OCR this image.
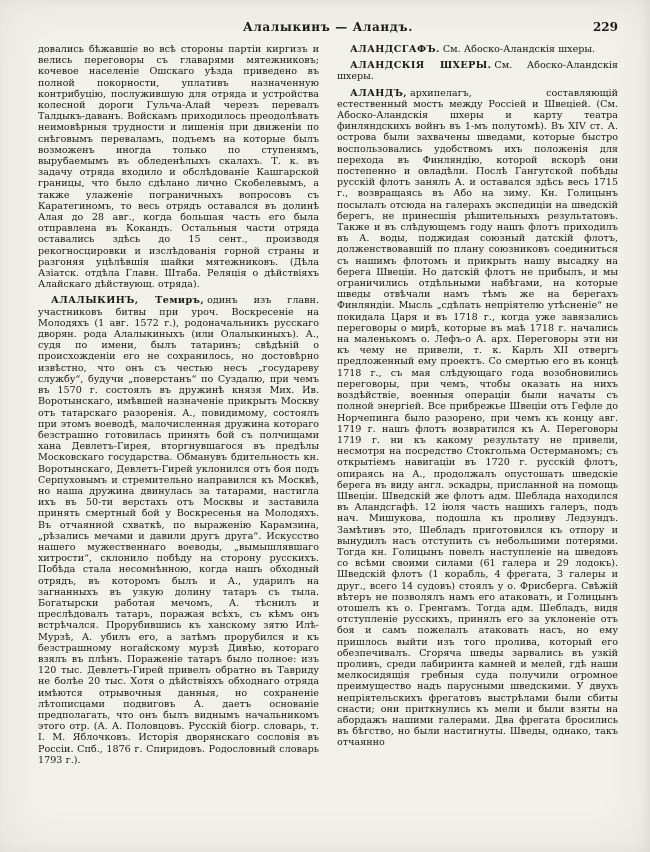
Алалыкинъ — Аландъ.	229

довались бѣжавшіе во всѣ стороны партіи киргизъ и велись переговоры съ главарями мятежниковъ; кочевое населеніе Ошскаго уѣзда приведено въ полной покорности, уплативъ назначенную контрибуцію, послужившую для отряда и устройства колесной дороги Гульча-Алай черезъ перевалъ Талдыкъ-даванъ. Войскамъ приходилось преодолѣвать неимовѣрныя трудности и лишенія при движеніи по снѣговымъ переваламъ, подъемъ на которые былъ возможенъ иногда только по ступенямъ, вырубаемымъ въ обледенѣлыхъ скалахъ. Т. к. въ задачу отряда входило и обслѣдованіе Кашгарской границы, что было сдѣлано лично Скобелевымъ, а также улаженіе пограничныхъ вопросовъ съ Каратегиномъ, то весь отрядъ оставался въ долинѣ Алая до 28 авг., когда большая часть его была отправлена въ Кокандъ. Остальныя части отряда оставались здѣсь до 15 сент., производя рекогносцировки и изслѣдованія горной страны и разгоняя уцѣлѣвшія шайки мятежниковъ. (Дѣла Азіатск. отдѣла Главн. Штаба. Реляція о дѣйствіяхъ Алайскаго дѣйствующ. отряда).

АЛАЛЫКИНЪ, Темиръ, одинъ изъ главн. участниковъ битвы при уроч. Воскресеніе на Молодяхъ (1 авг. 1572 г.), родоначальникъ русскаго дворян. рода Алалыкиныхъ (или Олалыкиныхъ). А., судя по имени, былъ татаринъ; свѣдѣній о происхожденіи его не сохранилось, но достовѣрно извѣстно, что онъ съ честью несъ „государеву службу“, будучи „поверстанъ“ по Суздалю, при чемъ въ 1570 г. состоялъ въ дружинѣ князя Мих. Ив. Воротынскаго, имѣвшей назначеніе прикрыть Москву отъ татарскаго разоренія. А., повидимому, состоялъ при этомъ воеводѣ, малочисленная дружина котораго безстрашно готовилась принять бой съ полчищами хана Девлетъ-Гирея, вторгнувшагося въ предѣлы Московскаго государства. Обманувъ бдительность кн. Воротынскаго, Девлетъ-Гирей уклонился отъ боя подъ Серпуховымъ и стремительно направился къ Москвѣ, но наша дружина двинулась за татарами, настигла ихъ въ 50-ти верстахъ отъ Москвы и заставила принять смертный бой у Воскресенья на Молодяхъ. Въ отчаянной схваткѣ, по выраженію Карамзина, „рѣзались мечами и давили другъ друга“. Искусство нашего мужественнаго воеводы, „вымышлявшаго хитрости“, склонило побѣду на сторону русскихъ. Побѣда стала несомнѣнною, когда нашъ обходный отрядъ, въ которомъ былъ и А., ударилъ на загнанныхъ въ узкую долину татаръ съ тыла. Богатырски работая мечомъ, А. тѣснилъ и преслѣдовалъ татаръ, поражая всѣхъ, съ кѣмъ онъ встрѣчался. Прорубившись къ ханскому зятю Илѣ-Мурзѣ, А. убилъ его, а затѣмъ прорубился и къ безстрашному ногайскому мурзѣ Дивѣю, котораго взялъ въ плѣнъ. Пораженіе татаръ было полное: изъ 120 тыс. Девлетъ-Гирей привелъ обратно въ Тавриду не болѣе 20 тыс. Хотя о дѣйствіяхъ обходнаго отряда имѣются отрывочныя данныя, но сохраненіе лѣтописцами подвиговъ А. даетъ основаніе предполагать, что онъ былъ виднымъ начальникомъ этого отр. (А. А. Половцовъ. Русскій біогр. словарь, т. I. М. Яблочковъ. Исторія дворянскаго сословія въ Россіи. Спб., 1876 г. Спиридовъ. Родословный словарь 1793 г.).

АЛАНДСГАФЪ. См. Абоско-Аландскія шхеры.

АЛАНДСКІЯ ШХЕРЫ. См. Абоско-Аландскія шхеры.

АЛАНДЪ, архипелагъ, составляющій естественный мостъ между Россіей и Швеціей. (См. Абоско-Аландскія шхеры и карту театра финляндскихъ войнъ въ 1-мъ полутомѣ). Въ XIV ст. А. острова были захвачены шведами, которые быстро воспользовались удобствомъ ихъ положенія для перехода въ Финляндію, которой вскорѣ они постепенно и овладѣли. Послѣ Гангутской побѣды русскій флотъ занялъ А. и оставался здѣсь весь 1715 г., возвращаясь въ Або на зиму. Кн. Голицынъ посылалъ отсюда на галерахъ экспедиціи на шведскій берегъ, не принесшія рѣшительныхъ результатовъ. Также и въ слѣдующемъ году нашъ флотъ приходилъ въ А. воды, поджидая союзный датскій флотъ, долженствовавшій по плану союзниковъ соединиться съ нашимъ флотомъ и прикрыть нашу высадку на берега Швеціи. Но датскій флотъ не прибылъ, и мы ограничились отдѣльными набѣгами, на которые шведы отвѣчали намъ тѣмъ же на берегахъ Финляндіи. Мысль „сдѣлать непріятелю утѣсненіе“ не покидала Царя и въ 1718 г., когда уже завязались переговоры о мирѣ, которые въ маѣ 1718 г. начались на маленькомъ о. Лефъ-о А. арх. Переговоры эти ни къ чему не привели, т. к. Карлъ XII отвергъ предложенный ему проектъ. Со смертью его въ концѣ 1718 г., съ мая слѣдующаго года возобновились переговоры, при чемъ, чтобы оказать на нихъ воздѣйствіе, военныя операціи были начаты съ полной энергіей. Все прибрежье Швеціи отъ Гефле до Норчепинга было разорено, при чемъ къ концу авг. 1719 г. нашъ флотъ возвратился къ А. Переговоры 1719 г. ни къ какому результату не привели, несмотря на посредство Стокгольма Остерманомъ; съ открытіемъ навигаціи въ 1720 г. русскій флотъ, опираясь на А., продолжалъ опустошать шведскіе берега въ виду англ. эскадры, присланной на помощь Швеціи. Шведскій же флотъ адм. Шеблада находился въ Аландсгафѣ. 12 іюля часть нашихъ галеръ, подъ нач. Мишукова, подошла къ проливу Ледзундъ. Замѣтивъ это, Шебладъ приготовился къ отпору и вынудилъ насъ отступить съ небольшими потерями. Тогда кн. Голицынъ повелъ наступленіе на шведовъ со всѣми своими силами (61 галера и 29 лодокъ). Шведскій флотъ (1 корабль, 4 фрегата, 3 галеры и друг., всего 14 судовъ) стоялъ у о. Фрисберга. Свѣжій вѣтеръ не позволялъ намъ его атаковать, и Голицынъ отошелъ къ о. Гренгамъ. Тогда адм. Шебладъ, видя отступленіе русскихъ, принялъ его за уклоненіе отъ боя и самъ пожелалъ атаковать насъ, но ему пришлось выйти изъ того пролива, который его обезпечивалъ. Сгоряча шведы зарвались въ узкій проливъ, среди лабиринта камней и мелей, гдѣ наши мелкосидящія гребныя суда получили огромное преимущество надъ парусными шведскими. У двухъ непріятельскихъ фрегатовъ выстрѣлами были сбиты снасти; они приткнулись къ мели и были взяты на абордажъ нашими галерами. Два фрегата бросились въ бѣгство, но были настигнуты. Шведы, однако, такъ отчаянно
